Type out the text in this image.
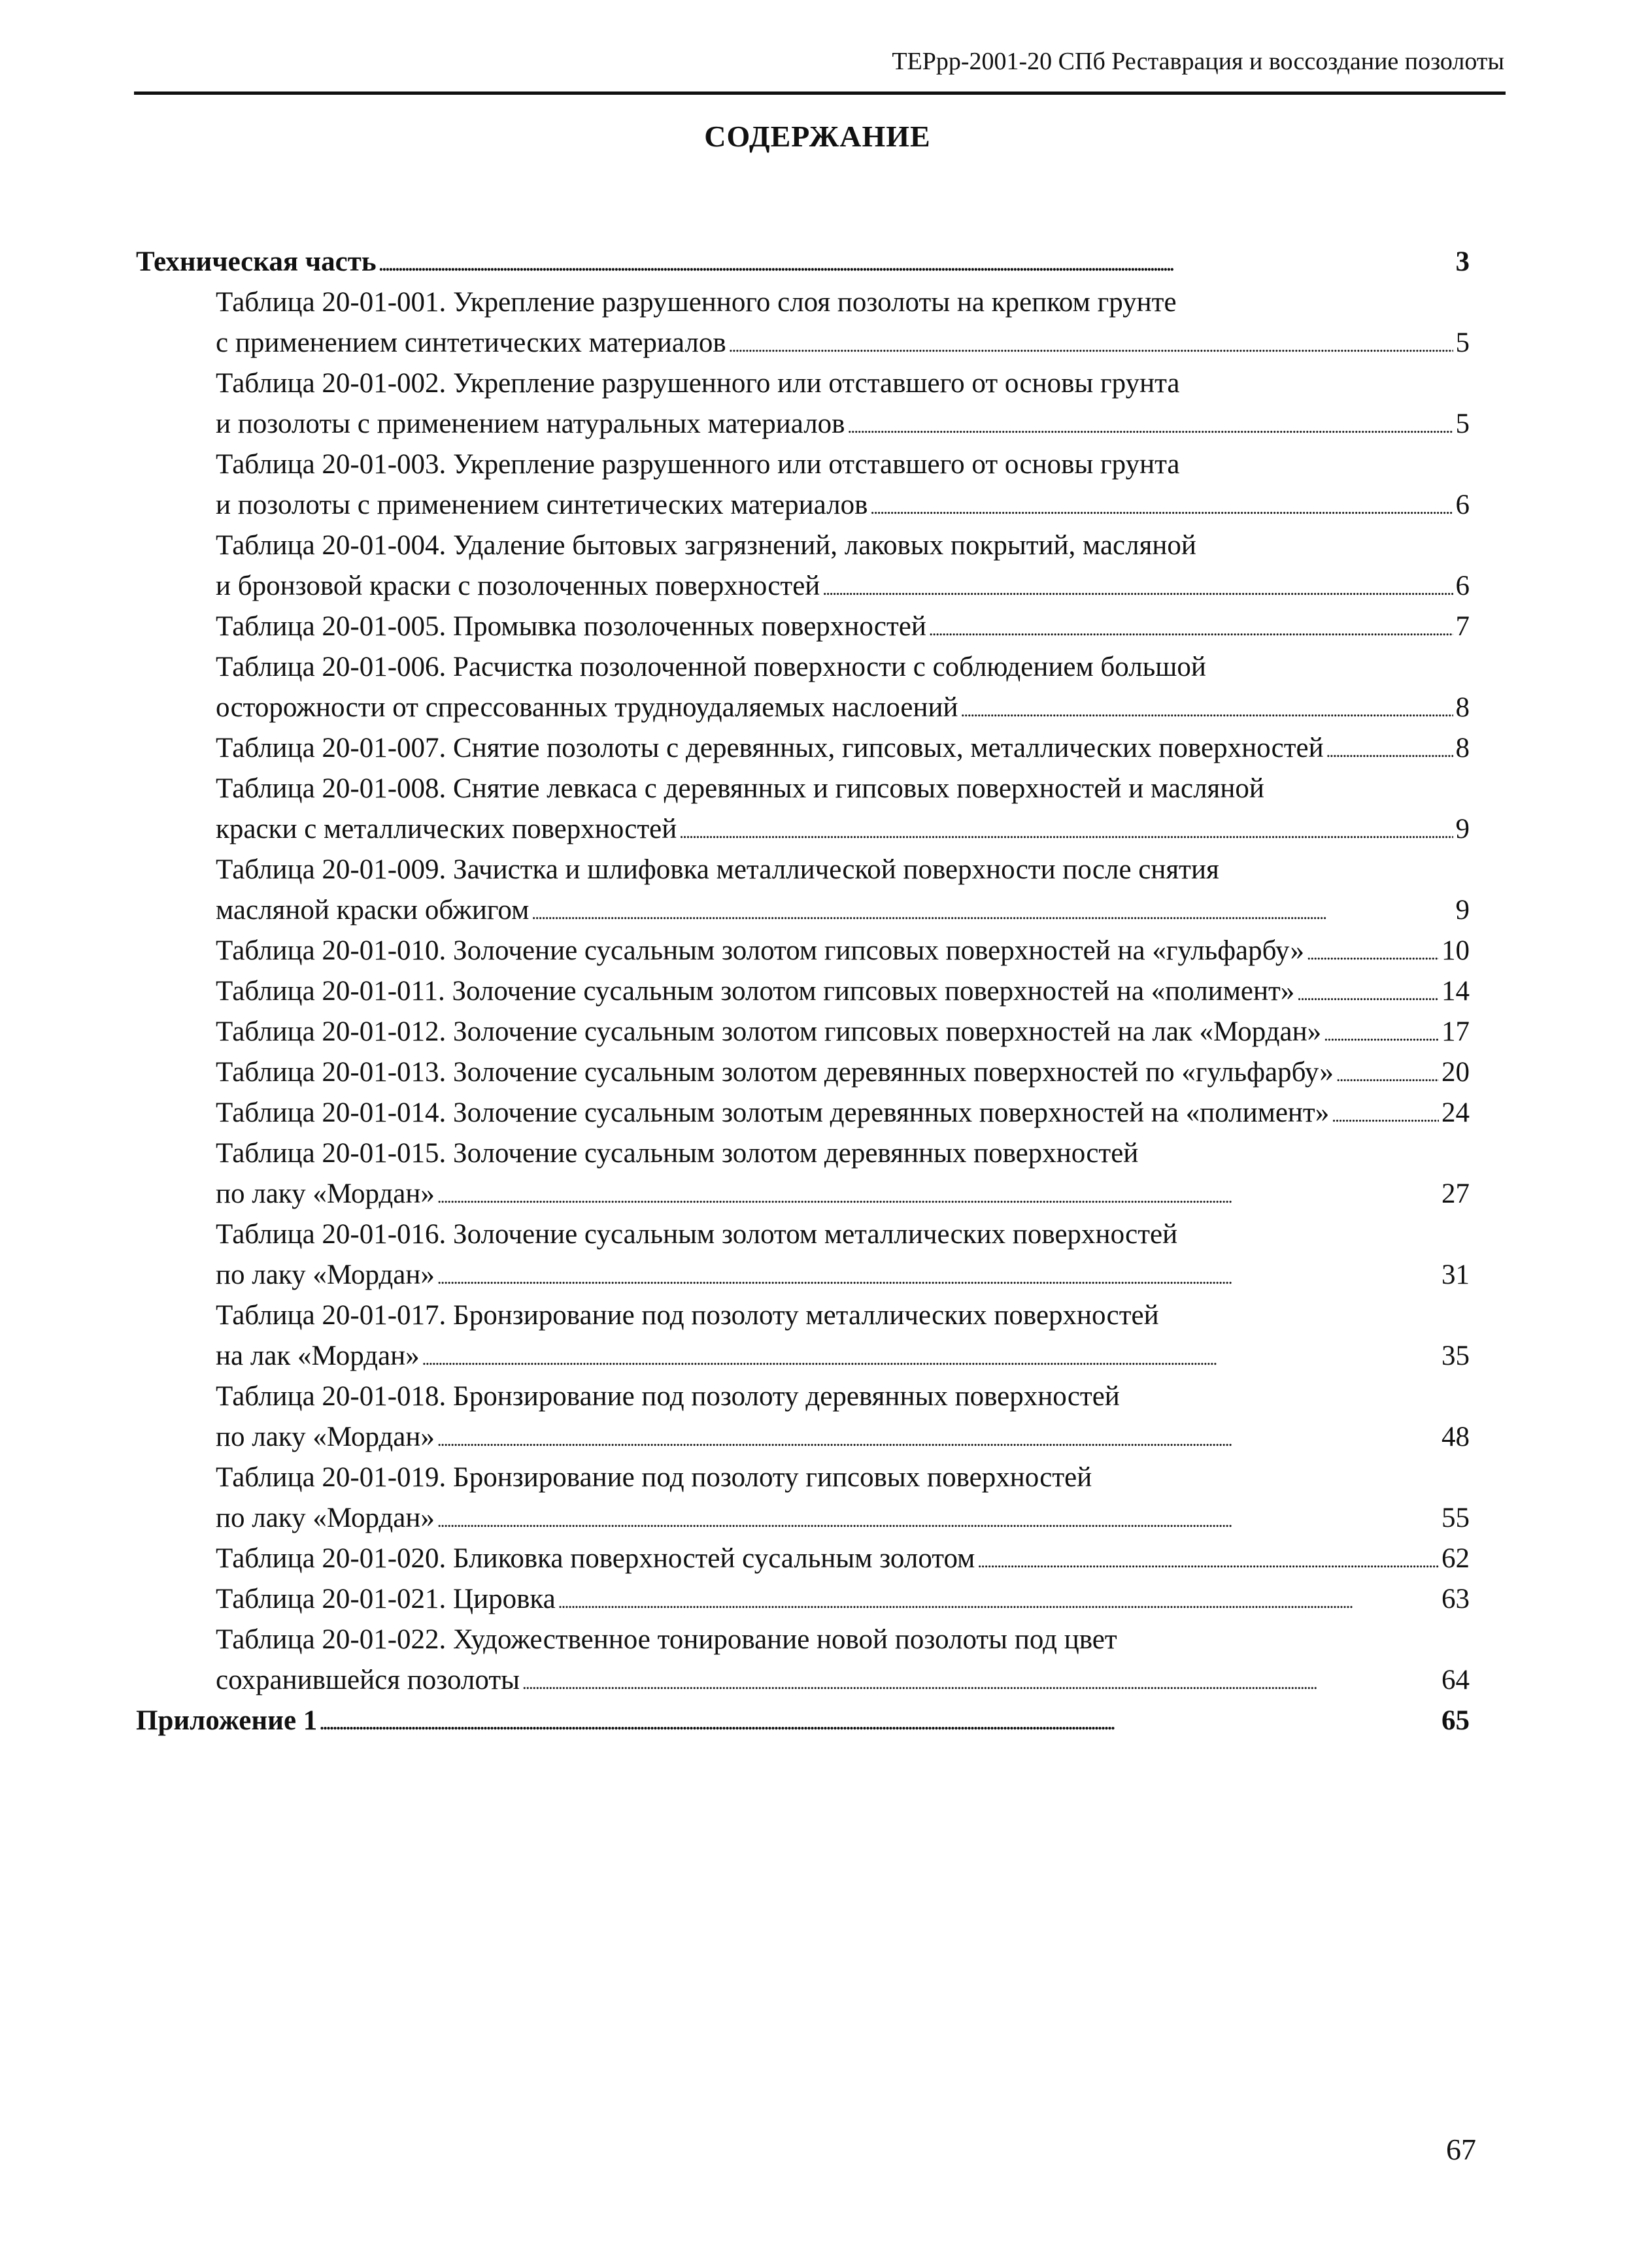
ТЕРрр-2001-20 СПб Реставрация и воссоздание позолоты
СОДЕРЖАНИЕ
Техническая часть . . .	3
Таблица 20-01-001. Укрепление разрушенного слоя позолоты на крепком грунте
с применением синтетических материалов . . .	5
Таблица 20-01-002. Укрепление разрушенного или отставшего от основы грунта
и позолоты с применением натуральных материалов . . .	5
Таблица 20-01-003. Укрепление разрушенного или отставшего от основы грунта
и позолоты с применением синтетических материалов . . .	6
Таблица 20-01-004. Удаление бытовых загрязнений, лаковых покрытий, масляной
и бронзовой краски с позолоченных поверхностей . . .	6
Таблица 20-01-005. Промывка позолоченных поверхностей . . .	7
Таблица 20-01-006. Расчистка позолоченной поверхности с соблюдением большой
осторожности от спрессованных трудноудаляемых наслоений . . .	8
Таблица 20-01-007. Снятие позолоты с деревянных, гипсовых, металлических поверхностей . . .	8
Таблица 20-01-008. Снятие левкаса с деревянных и гипсовых поверхностей и масляной
краски с металлических поверхностей . . .	9
Таблица 20-01-009. Зачистка и шлифовка металлической поверхности после снятия
масляной краски обжигом . . .	9
Таблица 20-01-010. Золочение сусальным золотом гипсовых поверхностей на «гульфарбу» . . .	10
Таблица 20-01-011. Золочение сусальным золотом гипсовых поверхностей на «полимент» . . .	14
Таблица 20-01-012. Золочение сусальным золотом гипсовых поверхностей на лак «Мордан» . . .	17
Таблица 20-01-013. Золочение сусальным золотом деревянных поверхностей по «гульфарбу» . . .	20
Таблица 20-01-014. Золочение сусальным золотым деревянных поверхностей на «полимент» . . .	24
Таблица 20-01-015. Золочение сусальным золотом деревянных поверхностей
по лаку «Мордан» . . .	27
Таблица 20-01-016. Золочение сусальным золотом металлических поверхностей
по лаку «Мордан» . . .	31
Таблица 20-01-017. Бронзирование под позолоту металлических поверхностей
на лак «Мордан» . . .	35
Таблица 20-01-018. Бронзирование под позолоту деревянных поверхностей
по лаку «Мордан» . . .	48
Таблица 20-01-019. Бронзирование под позолоту гипсовых поверхностей
по лаку «Мордан» . . .	55
Таблица 20-01-020. Бликовка поверхностей сусальным золотом . . .	62
Таблица 20-01-021. Цировка . . .	63
Таблица 20-01-022. Художественное тонирование новой позолоты под цвет
сохранившейся позолоты . . .	64
Приложение 1 . . .	65
67
